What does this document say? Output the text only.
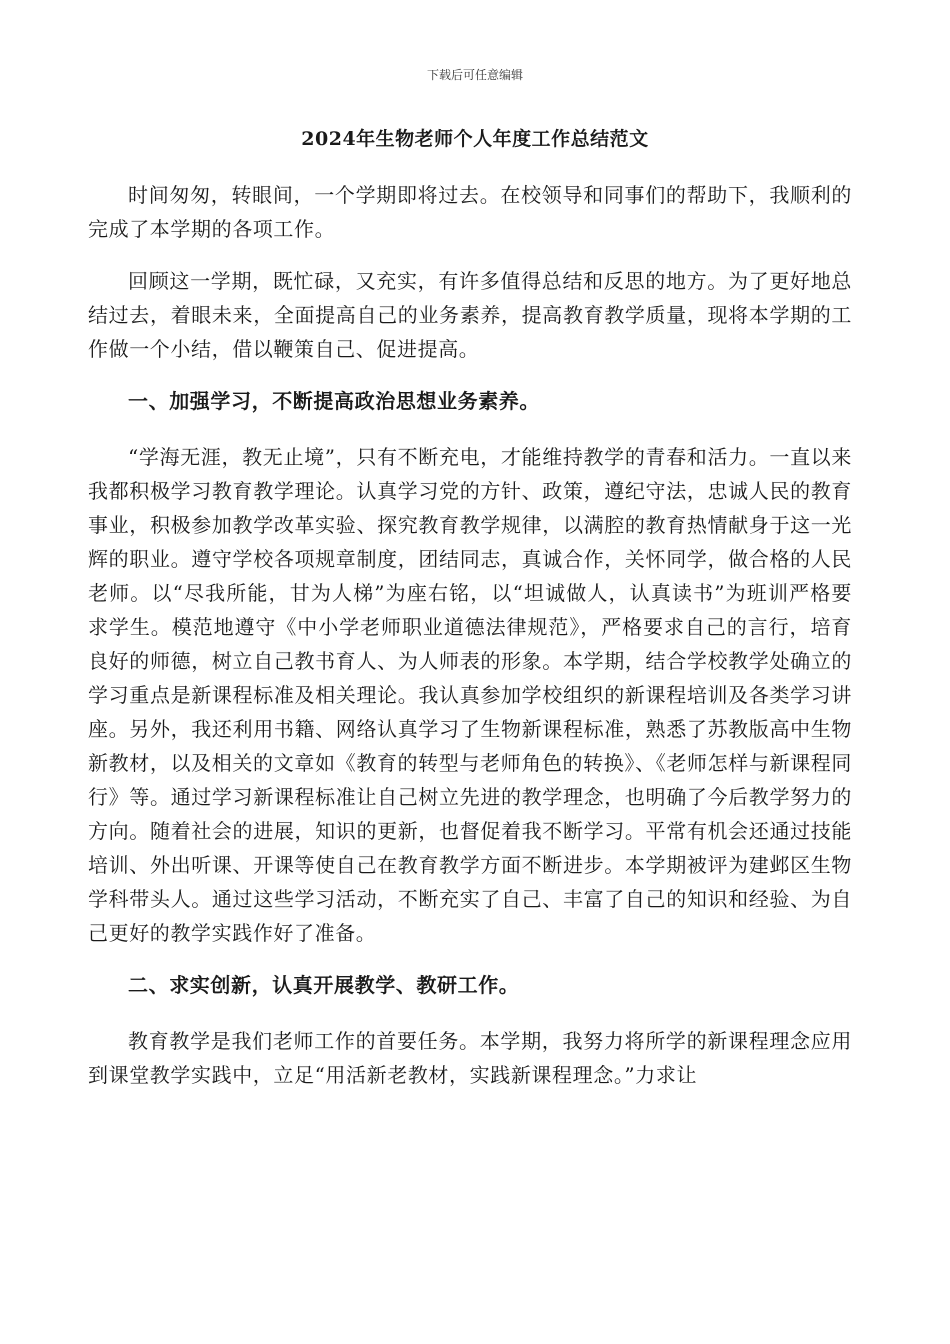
下载后可任意编辑
2024年生物老师个人年度工作总结范文

时间匆匆，转眼间，一个学期即将过去。在校领导和同事们的帮助下，我顺利的完成了本学期的各项工作。

回顾这一学期，既忙碌，又充实，有许多值得总结和反思的地方。为了更好地总结过去，着眼未来，全面提高自己的业务素养，提高教育教学质量，现将本学期的工作做一个小结，借以鞭策自己、促进提高。

一、加强学习，不断提高政治思想业务素养。

“学海无涯，教无止境”，只有不断充电，才能维持教学的青春和活力。一直以来我都积极学习教育教学理论。认真学习党的方针、政策，遵纪守法，忠诚人民的教育事业，积极参加教学改革实验、探究教育教学规律，以满腔的教育热情献身于这一光辉的职业。遵守学校各项规章制度，团结同志，真诚合作，关怀同学，做合格的人民老师。以“尽我所能，甘为人梯”为座右铭，以“坦诚做人，认真读书”为班训严格要求学生。模范地遵守《中小学老师职业道德法律规范》，严格要求自己的言行，培育良好的师德，树立自己教书育人、为人师表的形象。本学期，结合学校教学处确立的学习重点是新课程标准及相关理论。我认真参加学校组织的新课程培训及各类学习讲座。另外，我还利用书籍、网络认真学习了生物新课程标准，熟悉了苏教版高中生物新教材，以及相关的文章如《教育的转型与老师角色的转换》、《老师怎样与新课程同行》等。通过学习新课程标准让自己树立先进的教学理念，也明确了今后教学努力的方向。随着社会的进展，知识的更新，也督促着我不断学习。平常有机会还通过技能培训、外出听课、开课等使自己在教育教学方面不断进步。本学期被评为建邺区生物学科带头人。通过这些学习活动，不断充实了自己、丰富了自己的知识和经验、为自己更好的教学实践作好了准备。

二、求实创新，认真开展教学、教研工作。

教育教学是我们老师工作的首要任务。本学期，我努力将所学的新课程理念应用到课堂教学实践中，立足“用活新老教材，实践新课程理念。”力求让
